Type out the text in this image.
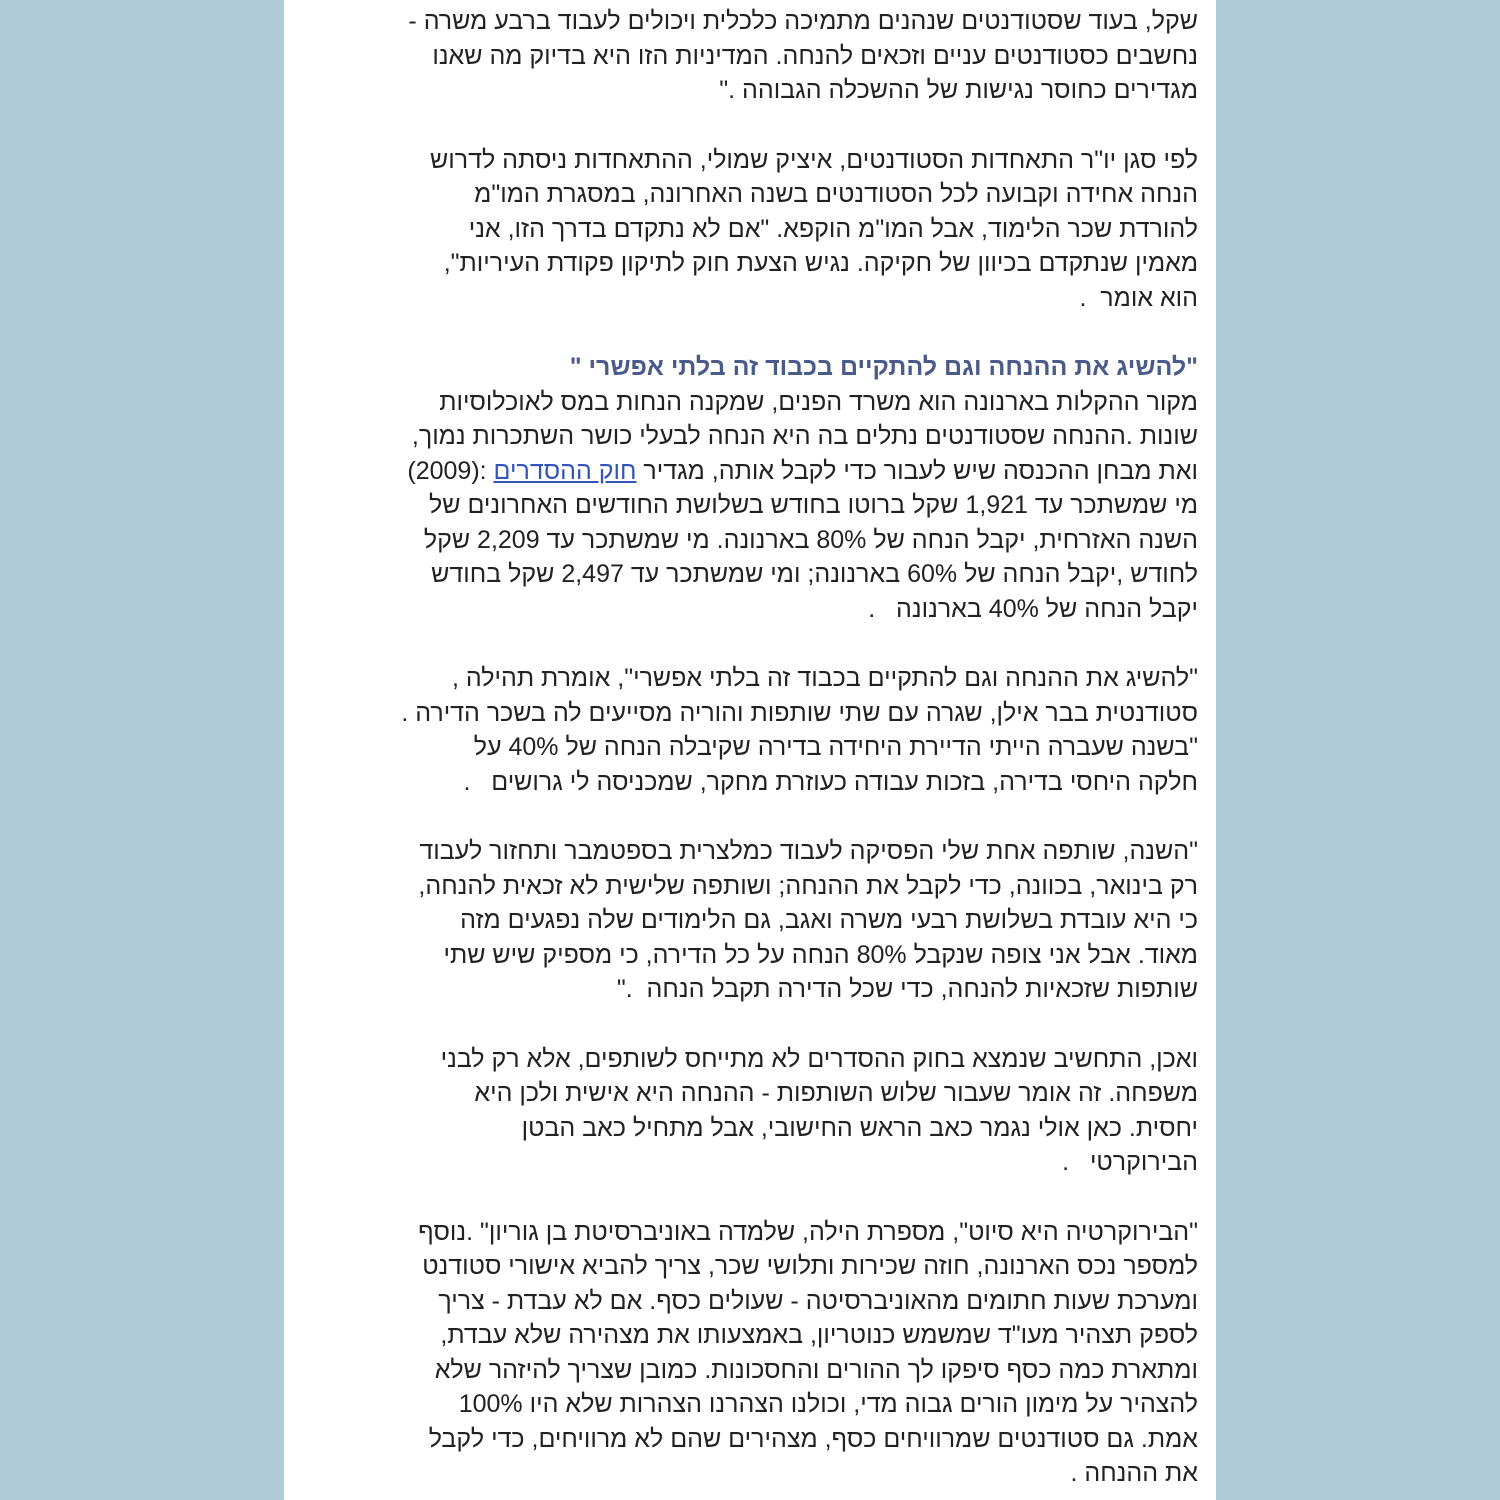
שקל, בעוד שסטודנטים שנהנים מתמיכה כלכלית ויכולים לעבוד ברבע משרה -
נחשבים כסטודנטים עניים וזכאים להנחה. המדיניות הזו היא בדיוק מה שאנו
מגדירים כחוסר נגישות של ההשכלה הגבוהה ."
לפי סגן יו"ר התאחדות הסטודנטים, איציק שמולי, ההתאחדות ניסתה לדרוש
הנחה אחידה וקבועה לכל הסטודנטים בשנה האחרונה, במסגרת המו"מ
להורדת שכר הלימוד, אבל המו"מ הוקפא. "אם לא נתקדם בדרך הזו, אני
מאמין שנתקדם בכיוון של חקיקה. נגיש הצעת חוק לתיקון פקודת העיריות",
הוא אומר  .
"להשיג את ההנחה וגם להתקיים בכבוד זה בלתי אפשרי "
מקור ההקלות בארנונה הוא משרד הפנים, שמקנה הנחות במס לאוכלוסיות
שונות .ההנחה שסטודנטים נתלים בה היא הנחה לבעלי כושר השתכרות נמוך,
ואת מבחן ההכנסה שיש לעבור כדי לקבל אותה, מגדיר חוק ההסדרים :(2009)
מי שמשתכר עד 1,921 שקל ברוטו בחודש בשלושת החודשים האחרונים של
השנה האזרחית, יקבל הנחה של 80% בארנונה. מי שמשתכר עד 2,209 שקל
לחודש ,יקבל הנחה של 60% בארנונה; ומי שמשתכר עד 2,497 שקל בחודש
יקבל הנחה של 40% בארנונה   .
"להשיג את ההנחה וגם להתקיים בכבוד זה בלתי אפשרי", אומרת תהילה ,
סטודנטית בבר אילן, שגרה עם שתי שותפות והוריה מסייעים לה בשכר הדירה .
"בשנה שעברה הייתי הדיירת היחידה בדירה שקיבלה הנחה של 40% על
חלקה היחסי בדירה, בזכות עבודה כעוזרת מחקר, שמכניסה לי גרושים   .
"השנה, שותפה אחת שלי הפסיקה לעבוד כמלצרית בספטמבר ותחזור לעבוד
רק בינואר, בכוונה, כדי לקבל את ההנחה; ושותפה שלישית לא זכאית להנחה,
כי היא עובדת בשלושת רבעי משרה ואגב, גם הלימודים שלה נפגעים מזה
מאוד. אבל אני צופה שנקבל 80% הנחה על כל הדירה, כי מספיק שיש שתי
שותפות שזכאיות להנחה, כדי שכל הדירה תקבל הנחה  ."
ואכן, התחשיב שנמצא בחוק ההסדרים לא מתייחס לשותפים, אלא רק לבני
משפחה. זה אומר שעבור שלוש השותפות - ההנחה היא אישית ולכן היא
יחסית. כאן אולי נגמר כאב הראש החישובי, אבל מתחיל כאב הבטן
הבירוקרטי   .
"הבירוקרטיה היא סיוט", מספרת הילה, שלמדה באוניברסיטת בן גוריון" .נוסף
למספר נכס הארנונה, חוזה שכירות ותלושי שכר, צריך להביא אישורי סטודנט
ומערכת שעות חתומים מהאוניברסיטה - שעולים כסף. אם לא עבדת - צריך
לספק תצהיר מעו"ד שמשמש כנוטריון, באמצעותו את מצהירה שלא עבדת,
ומתארת כמה כסף סיפקו לך ההורים והחסכונות. כמובן שצריך להיזהר שלא
להצהיר על מימון הורים גבוה מדי, וכולנו הצהרנו הצהרות שלא היו 100%
אמת. גם סטודנטים שמרוויחים כסף, מצהירים שהם לא מרוויחים, כדי לקבל
את ההנחה .
